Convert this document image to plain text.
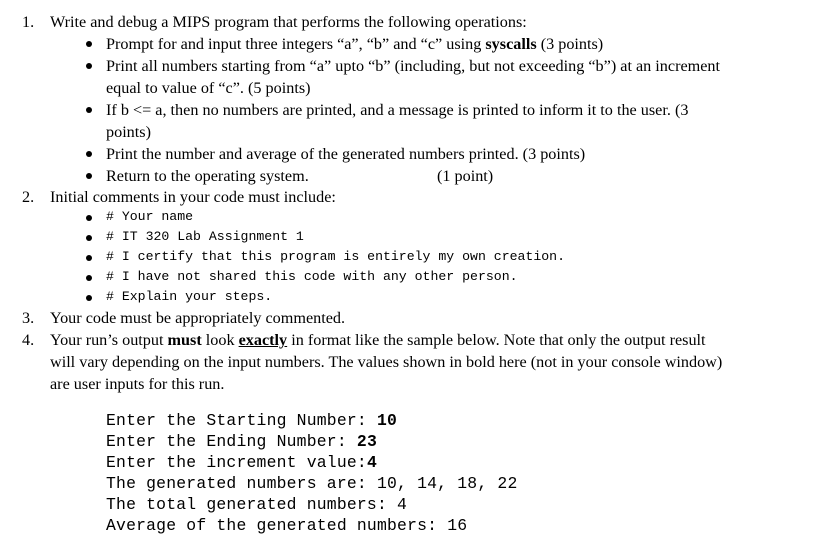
1. Write and debug a MIPS program that performs the following operations:
Prompt for and input three integers “a”, “b” and “c” using syscalls (3 points)
Print all numbers starting from “a” upto “b” (including, but not exceeding “b”) at an increment
equal to value of “c”. (5 points)
If b <= a, then no numbers are printed, and a message is printed to inform it to the user. (3
points)
Print the number and average of the generated numbers printed. (3 points)
Return to the operating system.	(1 point)
2. Initial comments in your code must include:
# Your name
# IT 320 Lab Assignment 1
# I certify that this program is entirely my own creation.
# I have not shared this code with any other person.
# Explain your steps.
3. Your code must be appropriately commented.
4. Your run’s output must look exactly in format like the sample below. Note that only the output result
will vary depending on the input numbers. The values shown in bold here (not in your console window)
are user inputs for this run.
Enter the Starting Number: 10
Enter the Ending Number: 23
Enter the increment value:4
The generated numbers are: 10, 14, 18, 22
The total generated numbers: 4
Average of the generated numbers: 16
